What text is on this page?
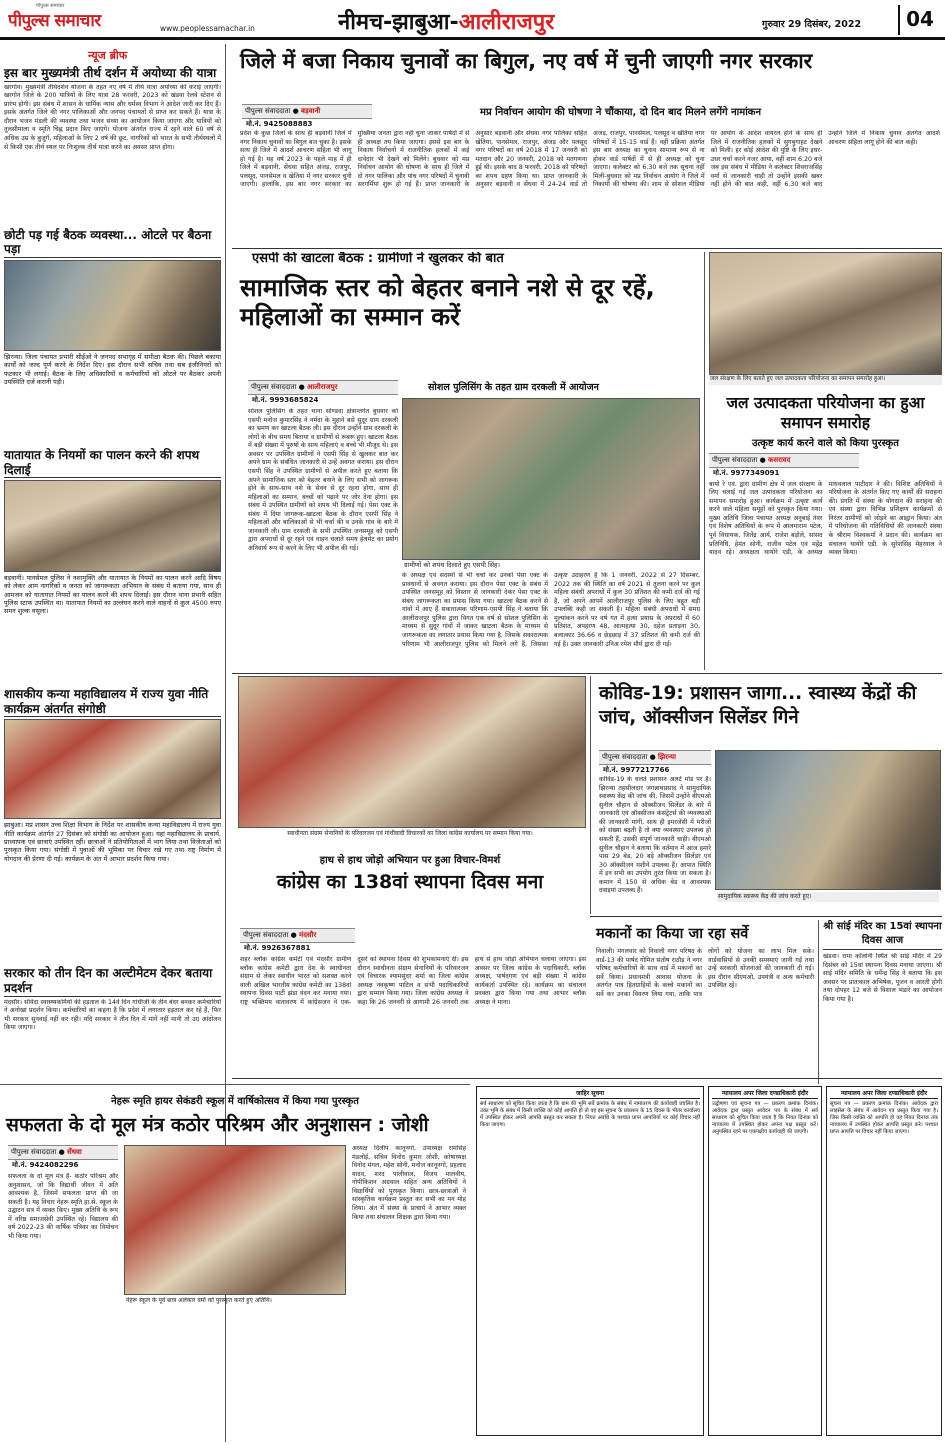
पीपुल्स समाचार
पीपुल्स समाचार	www.peoplessamachar.in	नीमच-झाबुआ-आलीराजपुर	गुरुवार 29 दिसंबर, 2022	04
न्यूज ब्रीफ
इस बार मुख्यमंत्री तीर्थ दर्शन में अयोध्या की यात्रा
खरगोन। मुख्यमंत्री तीर्थदर्शन योजना के तहत नए वर्ष में तीर्थ यात्रा अयोध्या की कराई जाएगी। खरगोन जिले के 200 यात्रियों के लिए यात्रा 28 फरवरी, 2023 को खंडवा रेलवे स्टेशन से प्रारंभ होगी। इस संबंध में शासन के धार्मिक न्यास और धर्मस्व विभाग ने आदेश जारी कर दिए हैं। इसके अंतर्गत जिले की नगर पालिकाओं और जनपद पंचायतों से प्राप्त कर सकते हैं। यात्रा के दौरान भजन मंडली की व्यवस्था तथा भजन संध्या का आयोजन किया जाएगा और यात्रियों को तुलसीमाला व स्मृति चिह्न प्रदान किए जाएंगे। योजना अंतर्गत राज्य में रहने वाले 60 वर्ष से अधिक उम्र के बुजुर्ग, महिलाओं के लिए 2 वर्ष की छूट, नागरिकों को भारत के सभी तीर्थस्थलों में से किसी एक तीर्थ स्थल पर निःशुल्क तीर्थ यात्रा करने का अवसर प्राप्त होगा।
छोटी पड़ गई बैठक व्यवस्था... ओटले पर बैठना पड़ा
झिरन्या। जिला पंचायत प्रभारी सीईओ ने जनपद सभागृह में समीक्षा बैठक की। पिछले बकाया कार्यों को जल्द पूर्ण करने के निर्देश दिए। इस दौरान सभी सचिव तथा सब इंजीनियरों को फटकार भी लगाई। बैठक के लिए अधिकारियों व कर्मचारियों को ओटले पर बैठकर अपनी उपस्थिति दर्ज करानी पड़ी।
यातायात के नियमों का पालन करने की शपथ दिलाई
बड़वानी। पानसेमल पुलिस ने नशामुक्ति और यातायात के नियमों का पालन करने आदि विषय को लेकर आम नागरिकों व जनता को जागरूकता अभियान के संबंध में बताया गया, साथ ही आमजन को यातायात नियमों का पालन करने की शपथ दिलाई। इस दौरान थाना प्रभारी सहित पुलिस स्टाफ उपस्थित था। यातायात नियमों का उल्लंघन करने वाले वाहनों से कुल 4500 रुपए समन शुल्क वसूला।
शासकीय कन्या महाविद्यालय में राज्य युवा नीति कार्यक्रम अंतर्गत संगोष्ठी
झाबुआ। मप्र शासन उच्च शिक्षा विभाग के निर्देश पर शासकीय कन्या महाविद्यालय में राज्य युवा नीति कार्यक्रम अंतर्गत 27 दिसंबर को संगोष्ठी का आयोजन हुआ। यहां महाविद्यालय के प्राचार्य, प्राध्यापक एवं छात्राएं उपस्थित रहीं। छात्राओं ने प्रतियोगिताओं में भाग लिया तथा विजेताओं को पुरस्कृत किया गया। संगोष्ठी में युवाओं की भूमिका पर विचार रखे गए तथा राष्ट्र निर्माण में योगदान की प्रेरणा दी गई। कार्यक्रम के अंत में आभार प्रदर्शन किया गया।
सरकार को तीन दिन का अल्टीमेटम देकर बताया प्रदर्शन
मंदसौर। संविदा स्वास्थ्यकर्मियों की हड़ताल के 14वें दिन गांधीजी के तीन बंदर बनकर कर्मचारियों ने अनोखा प्रदर्शन किया। कर्मचारियों का कहना है कि प्रदेश में लगातार हड़ताल कर रहे हैं, फिर भी सरकार सुनवाई नहीं कर रही। यदि सरकार ने तीन दिन में मांगें नहीं मानी तो उग्र आंदोलन किया जाएगा।
जिले में बजा निकाय चुनावों का बिगुल, नए वर्ष में चुनी जाएगी नगर सरकार
मप्र निर्वाचन आयोग की घोषणा ने चौंकाया, दो दिन बाद मिलने लगेंगे नामांकन
पीपुल्स संवाददाता ● बड़वानी
मो.नं. 9425088883
प्रदेश के कुछ जिलों के साथ ही बड़वानी जिले में नगर निकाय चुनावों का बिगुल बज चुका है। इसके साथ ही जिले में आदर्श आचरण संहिता भी लागू हो गई है। यह वर्ष 2023 के पहले माह में ही जिले में बड़वानी, सेंधवा सहित अंजड़, राजपुर, पलसूद, पानसेमल व खेतिया में नगर सरकार चुनी जाएगी। हालांकि, इस बार नगर सरकार का मुख्यिया जनता द्वारा नहीं चुना जाकर पार्षदों में से ही अध्यक्ष तय किया जाएगा। इससे इस बार के निकाय निर्वाचनों में राजनीतिक हलकों में कई दावेदार भी देखने को मिलेंगे। बुधवार को मप्र निर्वाचन आयोग की घोषणा के साथ ही जिले में दो नगर पालिका और पांच नगर परिषदों में चुनावी सरगर्मियां शुरू हो गई हैं। प्राप्त जानकारी के अनुसार बड़वानी और सेंधवा नगर पालिका सहित खेतिया, पानसेमल, राजपुर, अंजड़ और पलसूद नगर परिषदों का वर्ष 2018 में 17 जनवरी को मतदान और 20 जनवरी, 2018 को मतगणना हुई थी। इसके बाद 8 फरवरी, 2018 को परिषदों का शपथ ग्रहण किया था। प्राप्त जानकारी के अनुसार बड़वानी व सेंधवा में 24-24 वार्ड तो अंजड़, राजपुर, पानसेमल, पलसूद व खेतिया नगर परिषदों में 15-15 वार्ड हैं। वहीं प्रक्रिया अंतर्गत इस बार अध्यक्ष का चुनाव सामान्य रूप से ना होकर वार्ड पार्षदों में से ही अध्यक्ष को चुना जाएगा। कलेक्टर को 6.30 बजे तक सूचना नहीं मिली-बुधवार को मप्र निर्वाचन आयोग ने जिले में निकायों की घोषणा की। शाम से सोशल मीडिया पर आयोग के आदेश वायरल होने के साथ ही जिले में राजनीतिक हलकों में सुगबुगाहट देखने को मिली। हर कोई आदेश की पुष्टि के लिए इधर-उधर चर्चा करने नजर आया, वहीं शाम 6.20 बजे जब इस संबंध में मीडिया ने कलेक्टर शिवराजसिंह वर्मा से जानकारी चाही तो उन्होंने इसकी खबर नहीं होने की बात कही, वहीं 6.30 बजे बाद उन्होंने जिले में निकाय चुनाव अंतर्गत आदर्श आचरण संहिता लागू होने की बात कही।
एसपी की खाटला बैठक : ग्रामीणों ने खुलकर की बात
सामाजिक स्तर को बेहतर बनाने नशे से दूर रहें, महिलाओं का सम्मान करें
सोशल पुलिसिंग के तहत ग्राम दरकली में आयोजन
पीपुल्स संवाददाता ● आलीराजपुर
मो.नं. 9993685824
सोशल पुलिसिंग के तहत थाना सोण्डवा क्षेत्रान्तर्गत बुधवार को एसपी मनोज कुमारसिंह ने नर्मदा के मुहाने बसे सुदूर ग्राम दरकली का भ्रमण कर खाटला बैठक ली। इस दौरान उन्होंने ग्राम दरकली के लोगों के बीच समय बिताया व ग्रामीणों से रूबरू हुए। खाटला बैठक में बड़ी संख्या में पुरुषों के साथ महिलाएं व बच्चे भी मौजूद थे। इस अवसर पर उपस्थित ग्रामीणों ने एसपी सिंह से खुलकर बात कर अपने ग्राम के संबंधित जानकारी से उन्हें अवगत कराया। इस दौरान एसपी सिंह ने उपस्थित ग्रामीणों से अपील करते हुए बताया कि अपने सामाजिक स्तर को बेहतर बनाने के लिए सभी को जागरूक होने के साथ-साथ नशे के सेवन से दूर रहना होगा, साथ ही महिलाओं का सम्मान, बच्चों को पढ़ाने पर जोर देना होगा। इस संबंध में उपस्थित ग्रामीणों को शपथ भी दिलाई गई। पेसा एक्ट के संबंध में दिया जागरूक-खाटला बैठक के दौरान एसपी सिंह ने महिलाओं और बालिकाओं से भी चर्चा की व उनके गांव के बारे में जानकारी ली। ग्राम दरकली के सभी उपस्थित जनसमूह को एसपी द्वारा अपराधों से दूर रहने एवं वाहन चलाते समय हेलमेट का प्रयोग अनिवार्य रूप से करने के लिए भी अपील की गई।
ग्रामीणों को शपथ दिलाते हुए एसपी सिंह।
के अध्यक्ष एवं सदस्यों से भी चर्चा कर उनको पेसा एक्ट के प्रावधानों से अवगत कराया। इस दौरान पेसा एक्ट के संबंध में उपस्थित जनसमूह को विस्तार से जानकारी देकर पेसा एक्ट के संबंध जागरूकता का प्रयास किया गया। खाटला बैठक करने से गांवों में आए हैं सकारात्मक परिणाम-एसपी सिंह ने बताया कि आलीराजपुर पुलिस द्वारा विगत एक वर्ष से सोशल पुलिसिंग के माध्यम से सुदूर गांवों में जाकर खाटला बैठक के माध्यम से जागरूकता का लगातार प्रयास किया गया है, जिसके सकारात्मक परिणाम भी आलीराजपुर पुलिस को मिलने लगे हैं, जिसका उत्कृष्ट उदाहरण है कि 1 जनवरी, 2022 से 27 दिसम्बर, 2022 तक की स्थिति का वर्ष 2021 से तुलना करने पर कुल महिला संबंधी अपराधों में कुल 30 प्रतिशत की कमी दर्ज की गई है, जो अपने आपमें आलीराजपुर पुलिस के लिए बहुत बड़ी उपलब्धि कही जा सकती है। महिला संबंधी अपराधों में समग्र मूल्यांकन करने पर वर्ष गत में हत्या प्रयास के अपराधों में 60 प्रतिशत, अपहरण 48, आत्महत्या 30, दहेज प्रताड़ना 30, बलात्कार 36.66 व छेड़छाड़ में 37 प्रतिशत की कमी दर्ज की गई है। उक्त जानकारी उनिअ रमेश मौर्य द्वारा दी गई।
जल संरक्षण के लिए बताते हुए जल उत्पादकता परियोजना का समापन समारोह हुआ।
जल उत्पादकता परियोजना का हुआ समापन समारोह
उत्कृष्ट कार्य करने वाले को किया पुरस्कृत
पीपुल्स संवाददाता ● कसरावद
मो.नं. 9977349091
बायो रे एवं. द्वारा ग्रामीण क्षेत्र में जल संरक्षण के लिए चलाई गई जल उत्पादकता परियोजना का समापन समारोह हुआ। कार्यक्रम में उत्कृष्ट कार्य करने वाले महिला समूहों को पुरस्कृत किया गया। मुख्य अतिथि जिला पंचायत अध्यक्ष अनुबाई तंवर एवं विशेष अतिथियों के रूप में आलमाराम पटेल, पूर्व विधायक, जितेंद्र आर्य, राजेश बड़ोले, सांसद प्रतिनिधि, हेमंत सोनी, राजीव पटेल एवं महेंद्र यादव रहे। अध्यक्षता थायोरे एडी, के अध्यक्ष माधवलाल पाटीदार ने की। विशिष्ट अतिथियों ने परियोजना के अंतर्गत किए गए कार्यों की सराहना की। प्रगति में संस्था के योगदान की सराहना की एवं संस्था द्वारा विभिन्न प्रशिक्षण कार्यक्रमों से निरंतर ग्रामीणों को जोड़ने का आह्वान किया। अंत में परियोजना की गतिविधियों की जानकारी संस्था के श्रीराम विश्वकर्मा ने प्रदान की। कार्यक्रम का संचालन थायोरे एडी. के सुरेशसिंह मेहरवाल ने व्यक्त किया।
स्वाधीनता संग्राम सेनानियों के परिवारजन एवं गांधीवादी विचारकों का जिला कांग्रेस कार्यालय पर सम्मान किया गया।
हाथ से हाथ जोड़ो अभियान पर हुआ विचार-विमर्श
कांग्रेस का 138वां स्थापना दिवस मना
पीपुल्स संवाददाता ● मंदसौर
मो.नं. 9926367881
शहर ब्लॉक कांग्रेस कमेटी एवं मंदसौर ग्रामीण ब्लॉक कांग्रेस कमेटी द्वारा देश के स्वाधीनता संग्राम से लेकर स्वाधीन भारत को सशक्त करने वाली अखिल भारतीय कांग्रेस कमेटी का 138वां स्थापना दिवस पार्टी झंडा वंदन कर मनाया गया। राष्ट्र भक्तिमय वातावरण में कांग्रेसजन ने एक-दूसरे को स्थापना दिवस की शुभकामनाएं दी। इस दौरान स्वाधीनता संग्राम सेनानियों के परिवारजन एवं विचारक श्यामसुंदर शर्मा का जिला कांग्रेस अध्यक्ष नवकृष्ण पाटिल व सभी पदाधिकारियों द्वारा सम्मान किया गया। जिला कांग्रेस अध्यक्ष ने कहा कि 26 जनवरी से आगामी 26 जनवरी तक हाथ से हाथ जोड़ो अभियान चलाया जाएगा। इस अवसर पर जिला कांग्रेस के पदाधिकारी, ब्लॉक अध्यक्ष, पार्षदगण एवं बड़ी संख्या में कांग्रेस कार्यकर्ता उपस्थित रहे। कार्यक्रम का संचालन प्रवक्ता द्वारा किया गया तथा आभार ब्लॉक अध्यक्ष ने माना।
कोविड-19: प्रशासन जागा... स्वास्थ्य केंद्रों की जांच, ऑक्सीजन सिलेंडर गिने
पीपुल्स संवाददाता ● झिरन्या
मो.नं. 9977217766
कोविड-19 के चलते प्रशासन अलर्ट मोड पर है। झिरन्या तहसीलदार जगन्नाथप्रसाद ने सामुदायिक स्वास्थ्य केंद्र की जांच की, जिसमें उन्होंने बीएमओ सुनील चौहान से ऑक्सीजन सिलेंडर के बारे में जानकारी एवं ऑक्सीजन कंसंट्रेटर्स की व्यवस्थाओं की जानकारी मांगी, साथ ही इमरजेंसी में मरीजों को संख्या बढ़ती है तो क्या व्यवस्थाएं उपलब्ध हो सकती हैं, उसकी संपूर्ण जानकारी चाही। बीएमओ सुनील चौहान ने बताया कि वर्तमान में आज हमारे पास 29 बेड, 20 बड़े ऑक्सीजन सिलेंडर एवं 30 ऑक्सीजन मशीनें उपलब्ध हैं। आपात स्थिति में इन सभी का उपयोग तुरंत किया जा सकता है। कमान में 150 से अधिक बेड व आवश्यक दवाइयां उपलब्ध हैं।
सामुदायिक स्वास्थ्य केंद्र की जांच करते हुए।
मकानों का किया जा रहा सर्वे
निवाली। मंगलवार को निवाली नगर परिषद के वार्ड-13 की पार्षद गोमित संतोष राठौड़ ने नगर परिषद कर्मचारियों के साथ वार्ड में मकानों का सर्वे किया। प्रधानमंत्री आवास योजना के अंतर्गत पात्र हितग्राहियों के कच्चे मकानों का सर्वे कर उनका विवरण लिया गया, ताकि पात्र लोगों को योजना का लाभ मिल सके। वार्डवासियों से उनकी समस्याएं जानी गईं तथा उन्हें सरकारी योजनाओं की जानकारी दी गई। इस दौरान सीएमओ, उपयंत्री व अन्य कर्मचारी उपस्थित रहे।
श्री सांई मंदिर का 15वां स्थापना दिवस आज
खंडवा। रामा कॉलोनी स्थित श्री सांई मंदिर में 29 दिसंबर को 15वां स्थापना दिवस मनाया जाएगा। श्री सांई मंदिर समिति के धर्मेन्द्र सिंह ने बताया कि इस अवसर पर प्रातःकाल अभिषेक, पूजन व आरती होगी तथा दोपहर 12 बजे से विशाल भंडारे का आयोजन किया गया है।
नेहरू स्मृति हायर सेकंडरी स्कूल में वार्षिकोत्सव में किया गया पुरस्कृत
सफलता के दो मूल मंत्र कठोर परिश्रम और अनुशासन : जोशी
पीपुल्स संवाददाता ● सेंधवा
मो.नं. 9424082296
सफलता के दो मूल मंत्र हैं- कठोर परिश्रम और अनुशासन, जो कि विद्यार्थी जीवन में अति आवश्यक है, जिसमें सफलता प्राप्त की जा सकती है। यह विचार नेहरू स्मृति हा.से. स्कूल के उद्घाटन सत्र में व्यक्त किए। मुख्य अतिथि के रूप में वरिष्ठ समाजसेवी उपस्थित रहे। विद्यालय की वर्ष 2022-23 की वार्षिक पत्रिका का विमोचन भी किया गया।
नेहरू स्कूल के पूर्व छात्र अलंकार वर्मा को पुरस्कृत करते हुए अतिथि।
अध्यक्ष दिलीप कानूनगो, उपाध्यक्ष रामसिंह मंडलोई, सचिव विनोद कुमार जोशी, कोषाध्यक्ष विनोद मंगल, महेश सोनी, मनोज कानूनगो, प्रहलाद यादव, शरद पालीवाल, विजय मालवीय, गोपीकिशन अग्रवाल सहित अन्य अतिथियों ने विद्यार्थियों को पुरस्कृत किया। छात्र-छात्राओं ने सांस्कृतिक कार्यक्रम प्रस्तुत कर सभी का मन मोह लिया। अंत में संस्था के प्राचार्य ने आभार व्यक्त किया तथा संचालन शिक्षक द्वारा किया गया।
जाहिर सूचना
सर्व साधारण को सूचित किया जाता है कि ग्राम की भूमि सर्वे क्रमांक के संबंध में नामांतरण की कार्यवाही प्रचलित है। उक्त भूमि के संबंध में किसी व्यक्ति को कोई आपत्ति हो तो वह इस सूचना के प्रकाशन के 15 दिवस के भीतर कार्यालय में उपस्थित होकर अपनी आपत्ति प्रस्तुत कर सकता है। नियत अवधि के पश्चात प्राप्त आपत्तियों पर कोई विचार नहीं किया जाएगा।
न्यायालय अपर जिला दण्डाधिकारी इंदौर
उद्घोषणा एवं सूचना पत्र — प्रकरण क्रमांक दिनांक। आवेदक द्वारा प्रस्तुत आवेदन पत्र के संबंध में सर्व साधारण को सूचित किया जाता है कि नियत दिनांक को न्यायालय में उपस्थित होकर अपना पक्ष प्रस्तुत करें। अनुपस्थित रहने पर एकपक्षीय कार्यवाही की जाएगी।
न्यायालय अपर जिला दण्डाधिकारी इंदौर
सूचना पत्र — प्रकरण क्रमांक दिनांक। आवेदक द्वारा लाइसेंस के संबंध में आवेदन पत्र प्रस्तुत किया गया है। जिस किसी व्यक्ति को आपत्ति हो वह नियत दिनांक तक न्यायालय में उपस्थित होकर आपत्ति प्रस्तुत करे। पश्चात प्राप्त आपत्ति पर विचार नहीं किया जाएगा।
